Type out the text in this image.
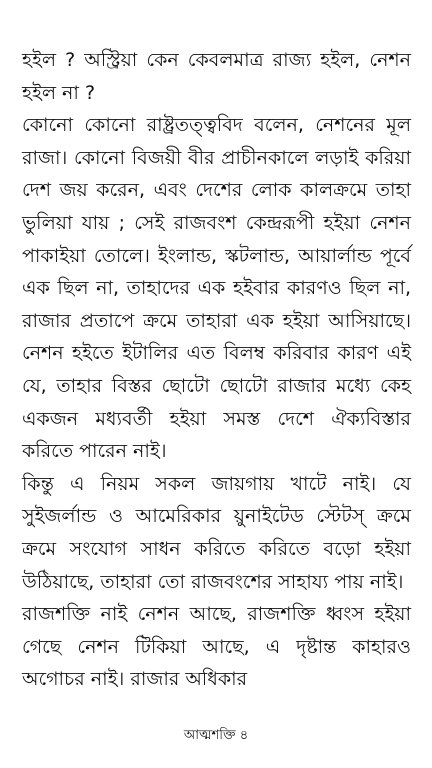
হইল ? অস্ট্রিয়া কেন কেবলমাত্র রাজ্য হইল, নেশন হইল না ?

কোনো কোনো রাষ্ট্রতত্ত্ববিদ বলেন, নেশনের মূল রাজা। কোনো বিজয়ী বীর প্রাচীনকালে লড়াই করিয়া দেশ জয় করেন, এবং দেশের লোক কালক্রমে তাহা ভুলিয়া যায় ; সেই রাজবংশ কেন্দ্ররূপী হইয়া নেশন পাকাইয়া তোলে। ইংলান্ড, স্কটলান্ড, আয়ার্লান্ড পূর্বে এক ছিল না, তাহাদের এক হইবার কারণও ছিল না, রাজার প্রতাপে ক্রমে তাহারা এক হইয়া আসিয়াছে। নেশন হইতে ইটালির এত বিলম্ব করিবার কারণ এই যে, তাহার বিস্তর ছোটো ছোটো রাজার মধ্যে কেহ একজন মধ্যবর্তী হইয়া সমস্ত দেশে ঐক্যবিস্তার করিতে পারেন নাই।

কিন্তু এ নিয়ম সকল জায়গায় খাটে নাই। যে সুইজর্লান্ড ও আমেরিকার য়ুনাইটেড স্টেটস্ ক্রমে ক্রমে সংযোগ সাধন করিতে করিতে বড়ো হইয়া উঠিয়াছে, তাহারা তো রাজবংশের সাহায্য পায় নাই।

রাজশক্তি নাই নেশন আছে, রাজশক্তি ধ্বংস হইয়া গেছে নেশন টিকিয়া আছে, এ দৃষ্টান্ত কাহারও অগোচর নাই। রাজার অধিকার

আত্মশক্তি ৪
